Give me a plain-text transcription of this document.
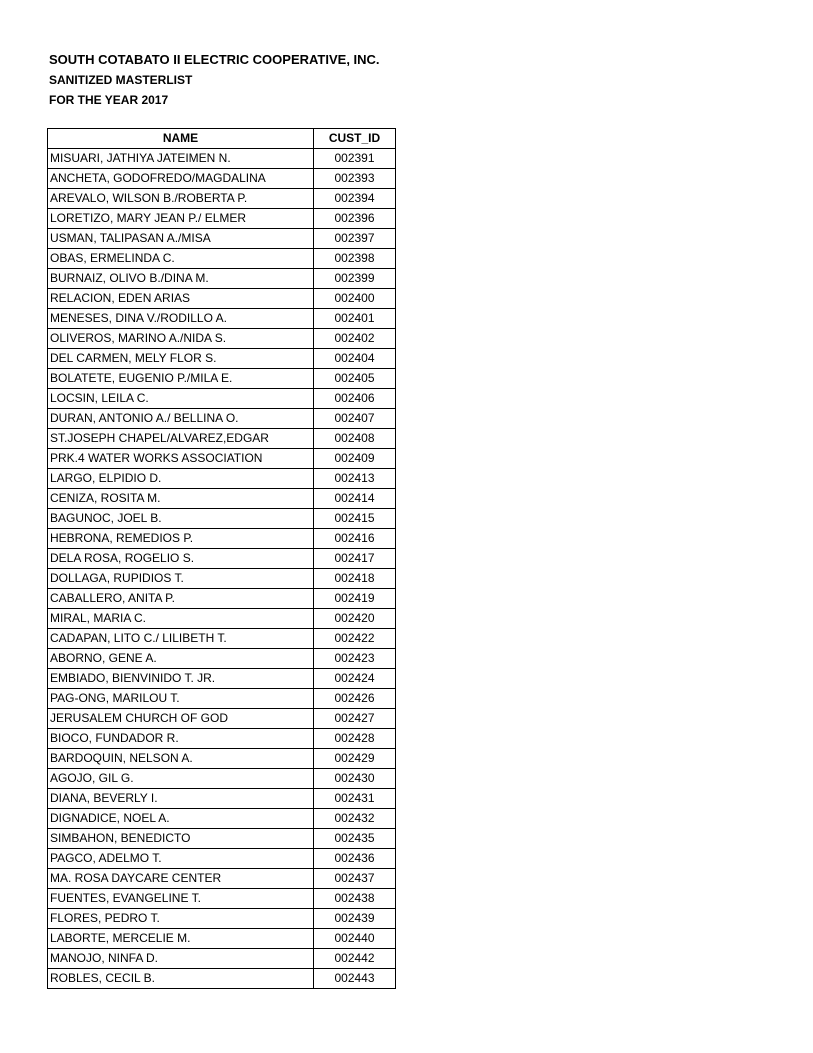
SOUTH COTABATO II ELECTRIC COOPERATIVE, INC.
SANITIZED MASTERLIST
FOR THE YEAR 2017
NAME	CUST_ID
MISUARI, JATHIYA JATEIMEN N.	002391
ANCHETA, GODOFREDO/MAGDALINA	002393
AREVALO, WILSON B./ROBERTA P.	002394
LORETIZO, MARY JEAN P./ ELMER	002396
USMAN, TALIPASAN A./MISA	002397
OBAS, ERMELINDA C.	002398
BURNAIZ, OLIVO B./DINA M.	002399
RELACION, EDEN ARIAS	002400
MENESES, DINA V./RODILLO A.	002401
OLIVEROS, MARINO A./NIDA S.	002402
DEL CARMEN, MELY FLOR S.	002404
BOLATETE, EUGENIO P./MILA E.	002405
LOCSIN, LEILA C.	002406
DURAN, ANTONIO A./ BELLINA O.	002407
ST.JOSEPH CHAPEL/ALVAREZ,EDGAR	002408
PRK.4 WATER WORKS ASSOCIATION	002409
LARGO, ELPIDIO D.	002413
CENIZA, ROSITA M.	002414
BAGUNOC, JOEL B.	002415
HEBRONA, REMEDIOS P.	002416
DELA ROSA, ROGELIO S.	002417
DOLLAGA, RUPIDIOS T.	002418
CABALLERO, ANITA P.	002419
MIRAL, MARIA C.	002420
CADAPAN, LITO C./ LILIBETH T.	002422
ABORNO, GENE A.	002423
EMBIADO, BIENVINIDO T. JR.	002424
PAG-ONG, MARILOU T.	002426
JERUSALEM CHURCH OF GOD	002427
BIOCO, FUNDADOR R.	002428
BARDOQUIN, NELSON A.	002429
AGOJO, GIL G.	002430
DIANA, BEVERLY I.	002431
DIGNADICE, NOEL A.	002432
SIMBAHON, BENEDICTO	002435
PAGCO, ADELMO T.	002436
MA. ROSA DAYCARE CENTER	002437
FUENTES, EVANGELINE T.	002438
FLORES, PEDRO T.	002439
LABORTE, MERCELIE M.	002440
MANOJO, NINFA D.	002442
ROBLES, CECIL B.	002443
